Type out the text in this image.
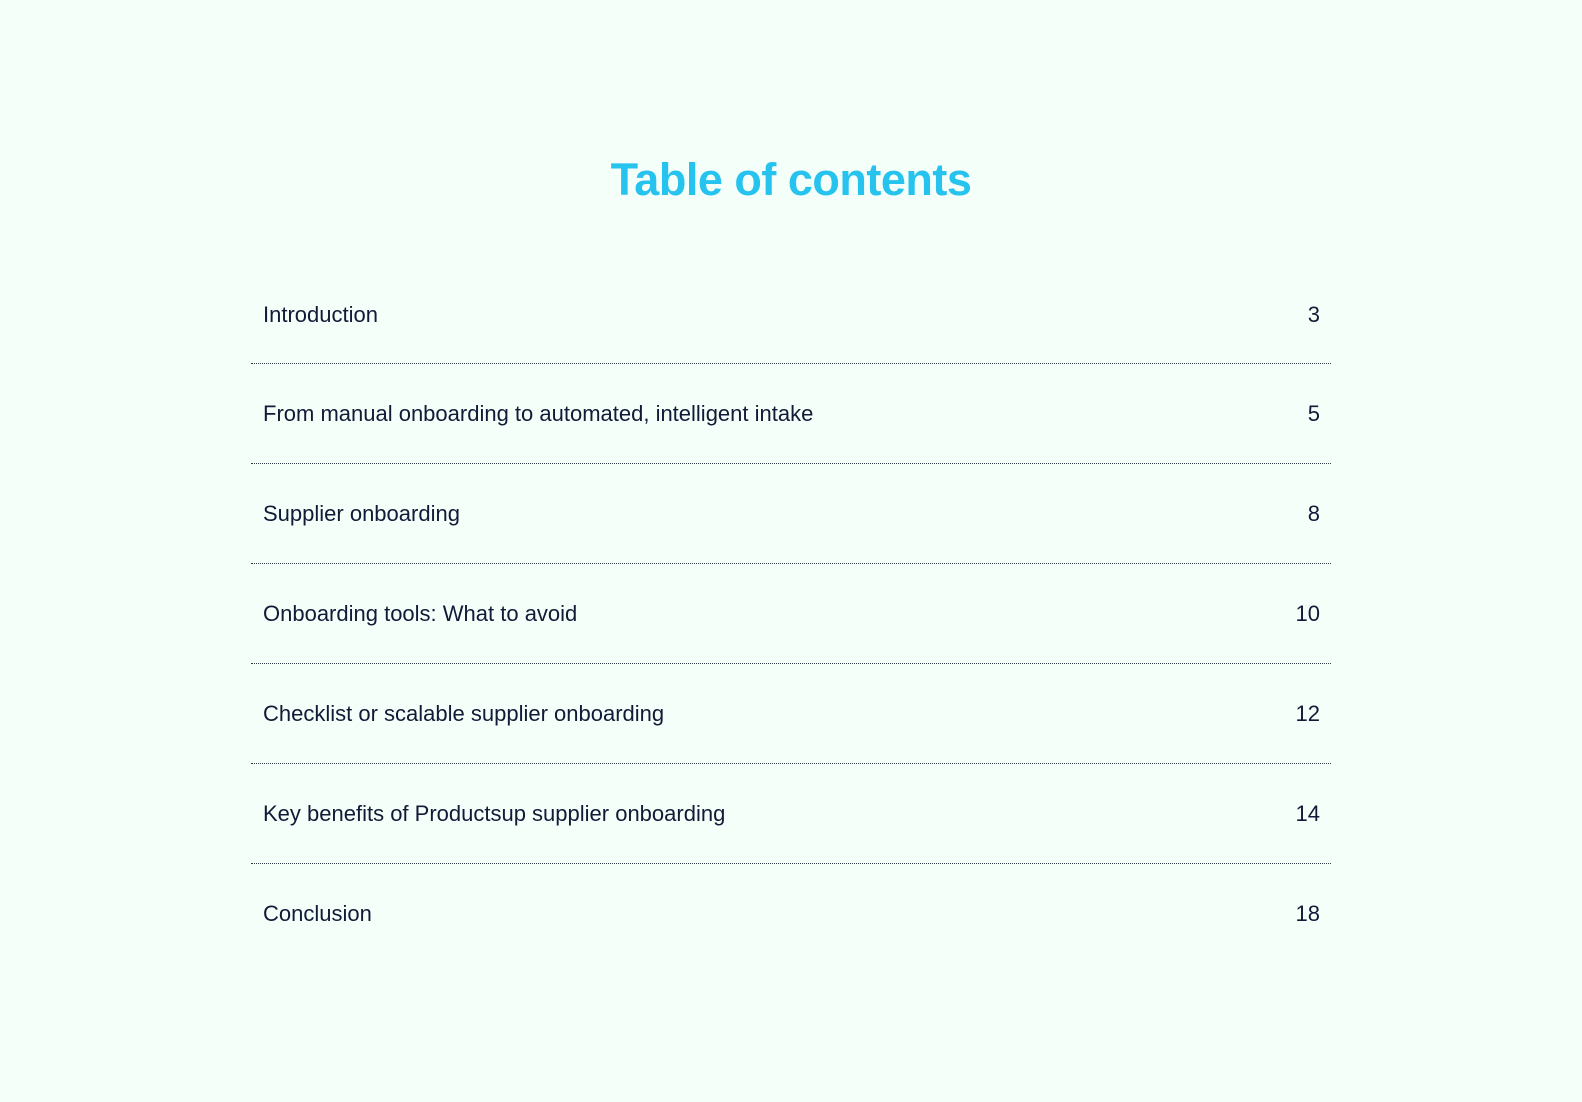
Table of contents
Introduction	3
From manual onboarding to automated, intelligent intake	5
Supplier onboarding	8
Onboarding tools: What to avoid	10
Checklist or scalable supplier onboarding	12
Key benefits of Productsup supplier onboarding	14
Conclusion	18
